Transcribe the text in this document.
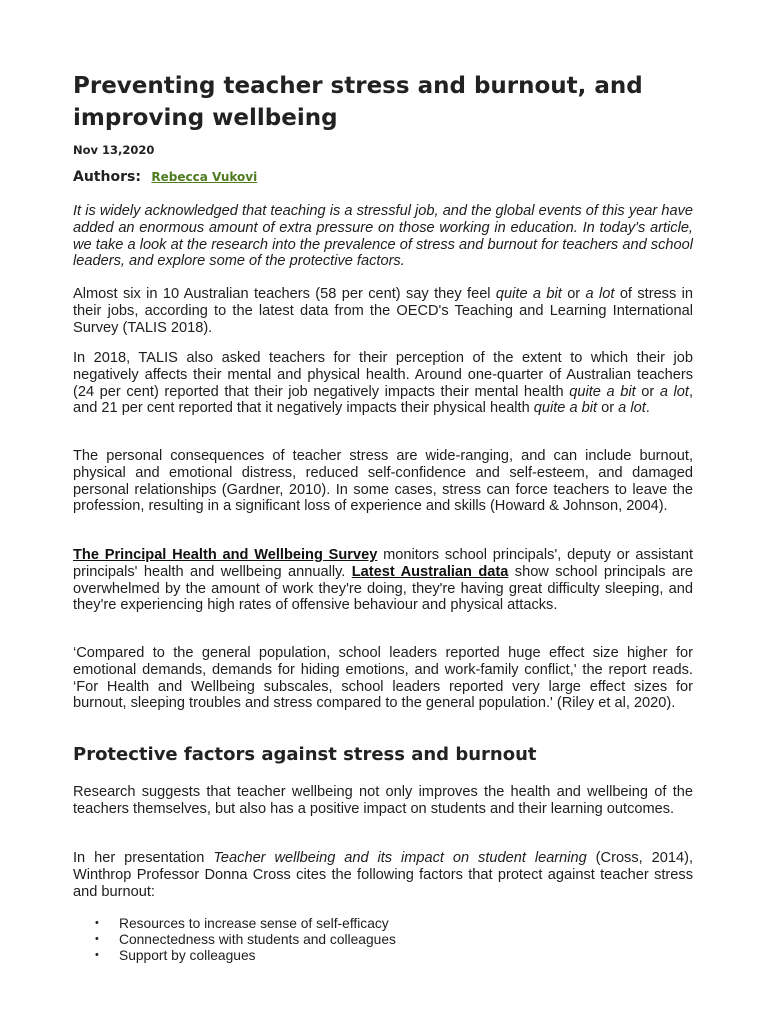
Preventing teacher stress and burnout, and improving wellbeing

Nov 13,2020

Authors: Rebecca Vukovi

It is widely acknowledged that teaching is a stressful job, and the global events of this year have added an enormous amount of extra pressure on those working in education. In today's article, we take a look at the research into the prevalence of stress and burnout for teachers and school leaders, and explore some of the protective factors.

Almost six in 10 Australian teachers (58 per cent) say they feel quite a bit or a lot of stress in their jobs, according to the latest data from the OECD's Teaching and Learning International Survey (TALIS 2018).

In 2018, TALIS also asked teachers for their perception of the extent to which their job negatively affects their mental and physical health. Around one-quarter of Australian teachers (24 per cent) reported that their job negatively impacts their mental health quite a bit or a lot, and 21 per cent reported that it negatively impacts their physical health quite a bit or a lot.

The personal consequences of teacher stress are wide-ranging, and can include burnout, physical and emotional distress, reduced self-confidence and self-esteem, and damaged personal relationships (Gardner, 2010). In some cases, stress can force teachers to leave the profession, resulting in a significant loss of experience and skills (Howard & Johnson, 2004).

The Principal Health and Wellbeing Survey monitors school principals', deputy or assistant principals' health and wellbeing annually. Latest Australian data show school principals are overwhelmed by the amount of work they're doing, they're having great difficulty sleeping, and they're experiencing high rates of offensive behaviour and physical attacks.

‘Compared to the general population, school leaders reported huge effect size higher for emotional demands, demands for hiding emotions, and work-family conflict,' the report reads. ‘For Health and Wellbeing subscales, school leaders reported very large effect sizes for burnout, sleeping troubles and stress compared to the general population.' (Riley et al, 2020).

Protective factors against stress and burnout

Research suggests that teacher wellbeing not only improves the health and wellbeing of the teachers themselves, but also has a positive impact on students and their learning outcomes.

In her presentation Teacher wellbeing and its impact on student learning (Cross, 2014), Winthrop Professor Donna Cross cites the following factors that protect against teacher stress and burnout:

• Resources to increase sense of self-efficacy
• Connectedness with students and colleagues
• Support by colleagues
